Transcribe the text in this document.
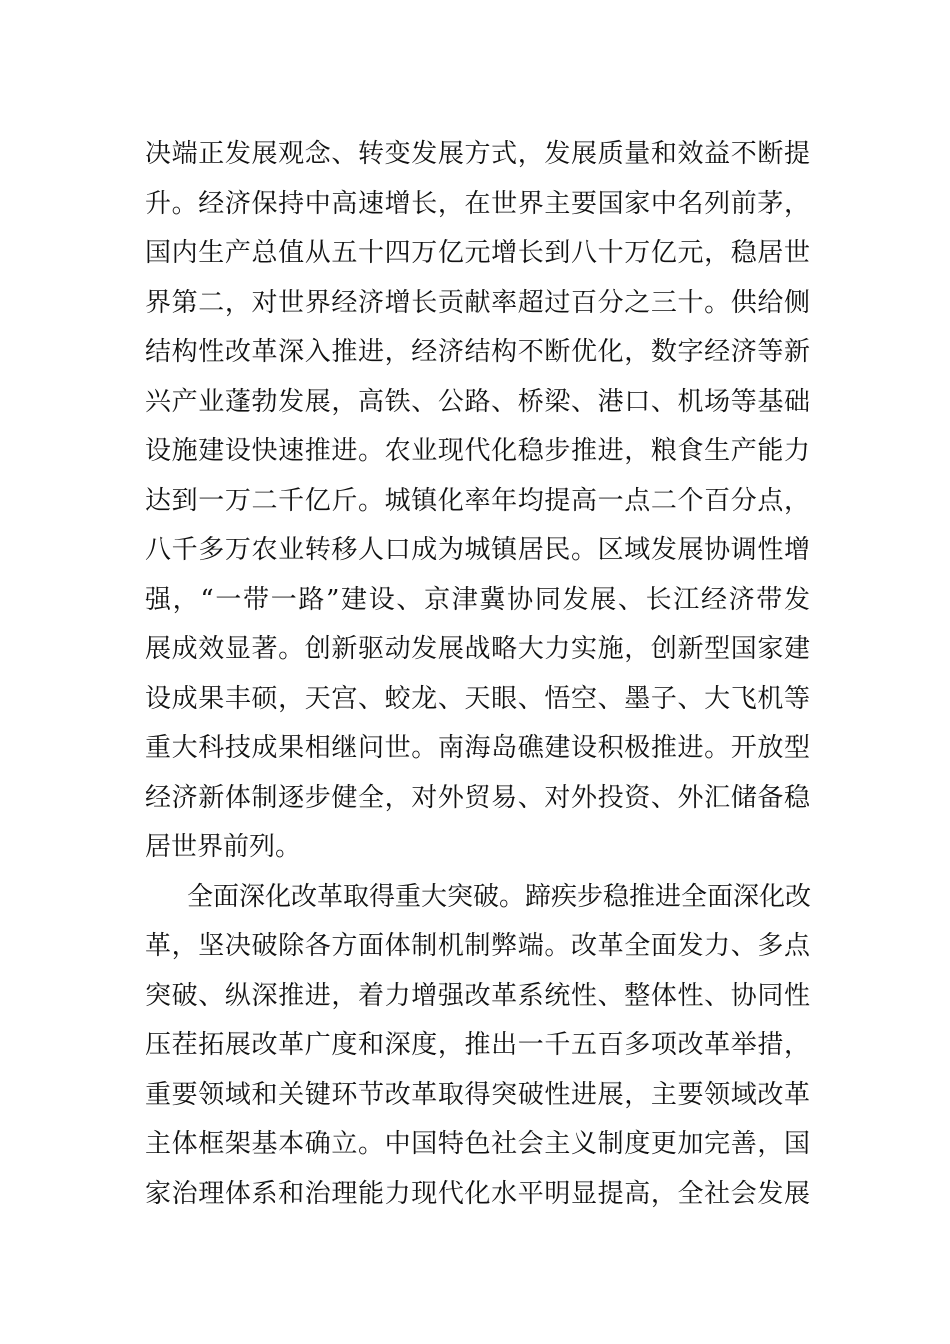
决端正发展观念、转变发展方式，发展质量和效益不断提
升。经济保持中高速增长，在世界主要国家中名列前茅，
国内生产总值从五十四万亿元增长到八十万亿元，稳居世
界第二，对世界经济增长贡献率超过百分之三十。供给侧
结构性改革深入推进，经济结构不断优化，数字经济等新
兴产业蓬勃发展，高铁、公路、桥梁、港口、机场等基础
设施建设快速推进。农业现代化稳步推进，粮食生产能力
达到一万二千亿斤。城镇化率年均提高一点二个百分点，
八千多万农业转移人口成为城镇居民。区域发展协调性增
强，“一带一路”建设、京津冀协同发展、长江经济带发
展成效显著。创新驱动发展战略大力实施，创新型国家建
设成果丰硕，天宫、蛟龙、天眼、悟空、墨子、大飞机等
重大科技成果相继问世。南海岛礁建设积极推进。开放型
经济新体制逐步健全，对外贸易、对外投资、外汇储备稳
居世界前列。
全面深化改革取得重大突破。蹄疾步稳推进全面深化改
革，坚决破除各方面体制机制弊端。改革全面发力、多点
突破、纵深推进，着力增强改革系统性、整体性、协同性
压茬拓展改革广度和深度，推出一千五百多项改革举措，
重要领域和关键环节改革取得突破性进展，主要领域改革
主体框架基本确立。中国特色社会主义制度更加完善，国
家治理体系和治理能力现代化水平明显提高，全社会发展
